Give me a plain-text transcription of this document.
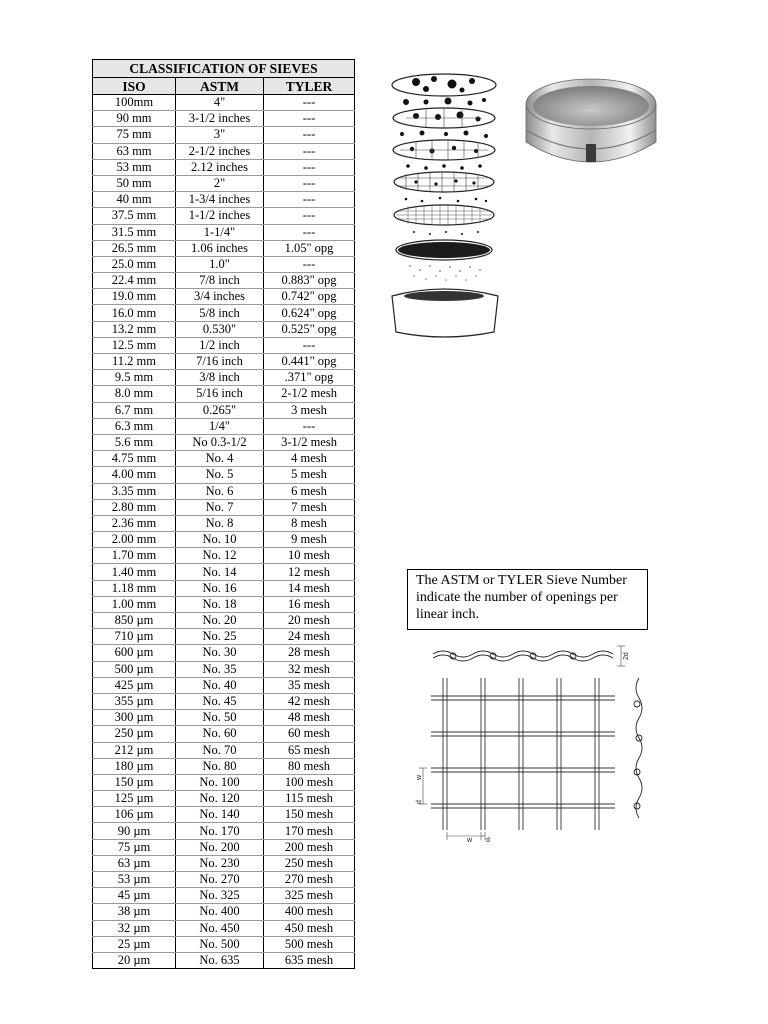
CLASSIFICATION OF SIEVES		
ISO	ASTM	TYLER
100mm	4"	---
90 mm	3-1/2 inches	---
75 mm	3"	---
63 mm	2-1/2 inches	---
53 mm	2.12 inches	---
50 mm	2"	---
40 mm	1-3/4 inches	---
37.5 mm	1-1/2 inches	---
31.5 mm	1-1/4"	---
26.5 mm	1.06 inches	1.05" opg
25.0 mm	1.0"	---
22.4 mm	7/8 inch	0.883" opg
19.0 mm	3/4 inches	0.742" opg
16.0 mm	5/8 inch	0.624" opg
13.2 mm	0.530"	0.525" opg
12.5 mm	1/2 inch	---
11.2 mm	7/16 inch	0.441" opg
9.5 mm	3/8 inch	.371" opg
8.0 mm	5/16 inch	2-1/2 mesh
6.7 mm	0.265"	3 mesh
6.3 mm	1/4"	---
5.6 mm	No 0.3-1/2	3-1/2 mesh
4.75 mm	No. 4	4 mesh
4.00 mm	No. 5	5 mesh
3.35 mm	No. 6	6 mesh
2.80 mm	No. 7	7 mesh
2.36 mm	No. 8	8 mesh
2.00 mm	No. 10	9 mesh
1.70 mm	No. 12	10 mesh
1.40 mm	No. 14	12 mesh
1.18 mm	No. 16	14 mesh
1.00 mm	No. 18	16 mesh
850 µm	No. 20	20 mesh
710 µm	No. 25	24 mesh
600 µm	No. 30	28 mesh
500 µm	No. 35	32 mesh
425 µm	No. 40	35 mesh
355 µm	No. 45	42 mesh
300 µm	No. 50	48 mesh
250 µm	No. 60	60 mesh
212 µm	No. 70	65 mesh
180 µm	No. 80	80 mesh
150 µm	No. 100	100 mesh
125 µm	No. 120	115 mesh
106 µm	No. 140	150 mesh
90 µm	No. 170	170 mesh
75 µm	No. 200	200 mesh
63 µm	No. 230	250 mesh
53 µm	No. 270	270 mesh
45 µm	No. 325	325 mesh
38 µm	No. 400	400 mesh
32 µm	No. 450	450 mesh
25 µm	No. 500	500 mesh
20 µm	No. 635	635 mesh
The ASTM or TYLER Sieve Number indicate the number of openings per linear inch.
2d
w d
w
d
